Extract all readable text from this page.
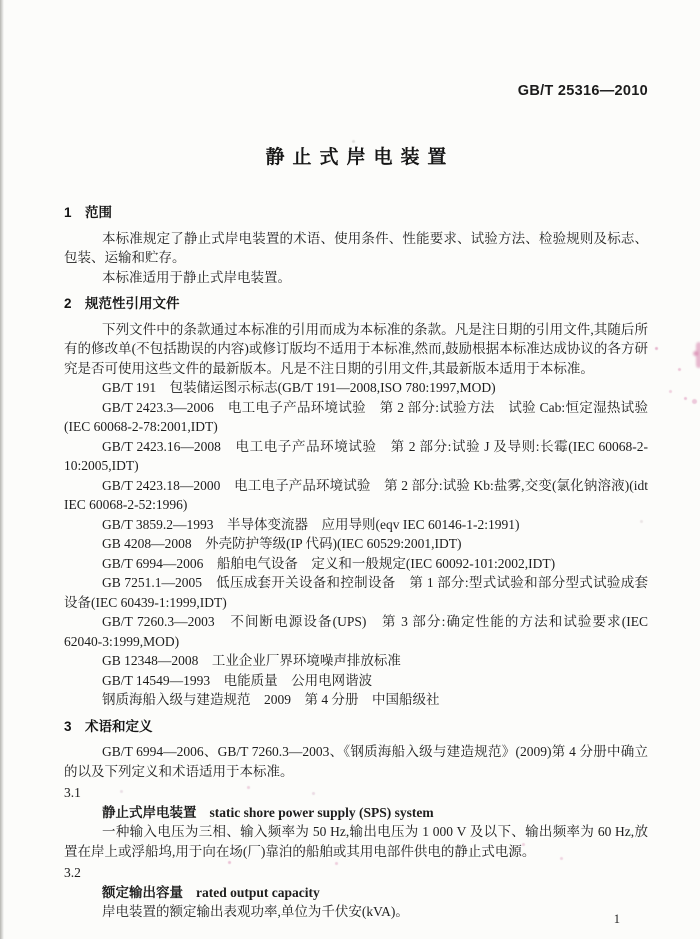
GB/T 25316—2010
静止式岸电装置
1　范围

本标准规定了静止式岸电装置的术语、使用条件、性能要求、试验方法、检验规则及标志、包装、运输和贮存。

本标准适用于静止式岸电装置。

2　规范性引用文件

下列文件中的条款通过本标准的引用而成为本标准的条款。凡是注日期的引用文件,其随后所有的修改单(不包括勘误的内容)或修订版均不适用于本标准,然而,鼓励根据本标准达成协议的各方研究是否可使用这些文件的最新版本。凡是不注日期的引用文件,其最新版本适用于本标准。

GB/T 191　包装储运图示标志(GB/T 191—2008,ISO 780:1997,MOD)

GB/T 2423.3—2006　电工电子产品环境试验　第 2 部分:试验方法　试验 Cab:恒定湿热试验(IEC 60068-2-78:2001,IDT)

GB/T 2423.16—2008　电工电子产品环境试验　第 2 部分:试验 J 及导则:长霉(IEC 60068-2-10:2005,IDT)

GB/T 2423.18—2000　电工电子产品环境试验　第 2 部分:试验 Kb:盐雾,交变(氯化钠溶液)(idt IEC 60068-2-52:1996)

GB/T 3859.2—1993　半导体变流器　应用导则(eqv IEC 60146-1-2:1991)

GB 4208—2008　外壳防护等级(IP 代码)(IEC 60529:2001,IDT)

GB/T 6994—2006　船舶电气设备　定义和一般规定(IEC 60092-101:2002,IDT)

GB 7251.1—2005　低压成套开关设备和控制设备　第 1 部分:型式试验和部分型式试验成套设备(IEC 60439-1:1999,IDT)

GB/T 7260.3—2003　不间断电源设备(UPS)　第 3 部分:确定性能的方法和试验要求(IEC 62040-3:1999,MOD)

GB 12348—2008　工业企业厂界环境噪声排放标准

GB/T 14549—1993　电能质量　公用电网谐波

钢质海船入级与建造规范　2009　第 4 分册　中国船级社

3　术语和定义

GB/T 6994—2006、GB/T 7260.3—2003、《钢质海船入级与建造规范》(2009)第 4 分册中确立的以及下列定义和术语适用于本标准。

3.1

静止式岸电装置 static shore power supply (SPS) system

一种输入电压为三相、输入频率为 50 Hz,输出电压为 1 000 V 及以下、输出频率为 60 Hz,放置在岸上或浮船坞,用于向在场(厂)靠泊的船舶或其用电部件供电的静止式电源。

3.2

额定输出容量 rated output capacity

岸电装置的额定输出表观功率,单位为千伏安(kVA)。	1
